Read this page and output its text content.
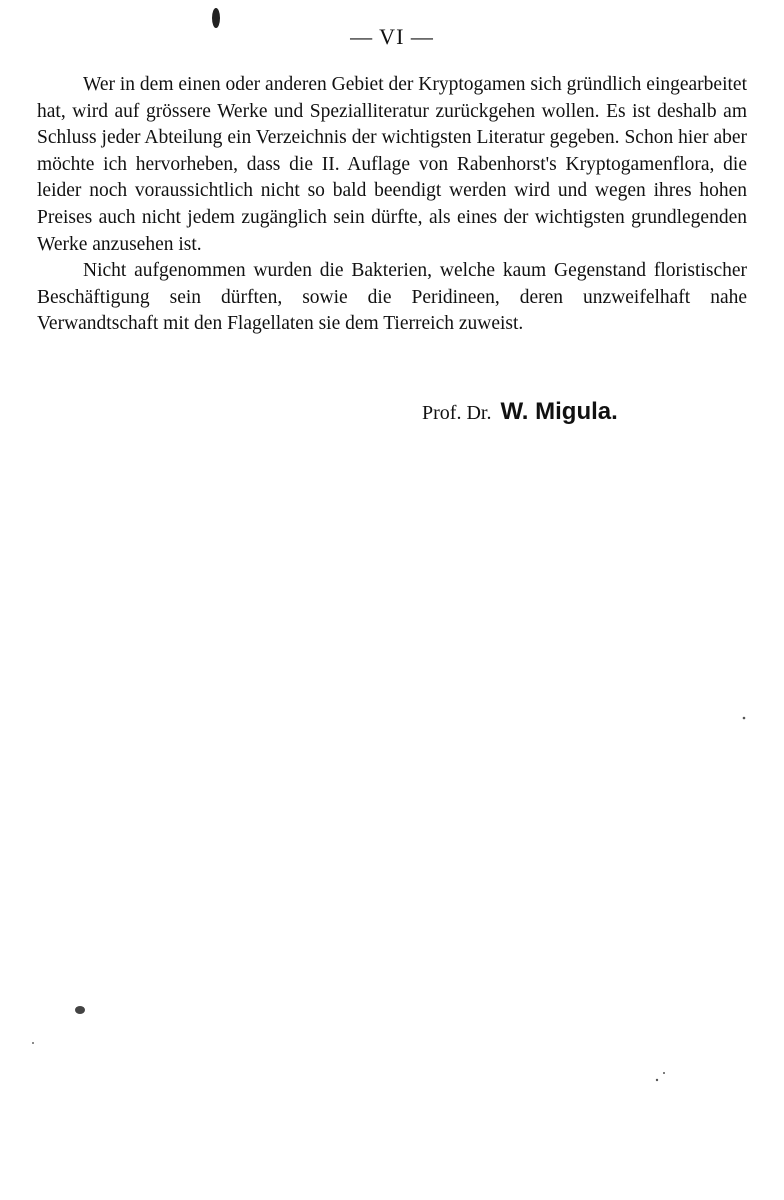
— VI —

Wer in dem einen oder anderen Gebiet der Kryptogamen sich gründlich eingearbeitet hat, wird auf grössere Werke und Spezialliteratur zurückgehen wollen. Es ist deshalb am Schluss jeder Abteilung ein Verzeichnis der wichtigsten Literatur gegeben. Schon hier aber möchte ich hervorheben, dass die II. Auflage von Rabenhorst's Kryptogamenflora, die leider noch voraussichtlich nicht so bald beendigt werden wird und wegen ihres hohen Preises auch nicht jedem zugänglich sein dürfte, als eines der wichtigsten grundlegenden Werke anzusehen ist.

Nicht aufgenommen wurden die Bakterien, welche kaum Gegenstand floristischer Beschäftigung sein dürften, sowie die Peridineen, deren unzweifelhaft nahe Verwandtschaft mit den Flagellaten sie dem Tierreich zuweist.

Prof. Dr. W. Migula.
